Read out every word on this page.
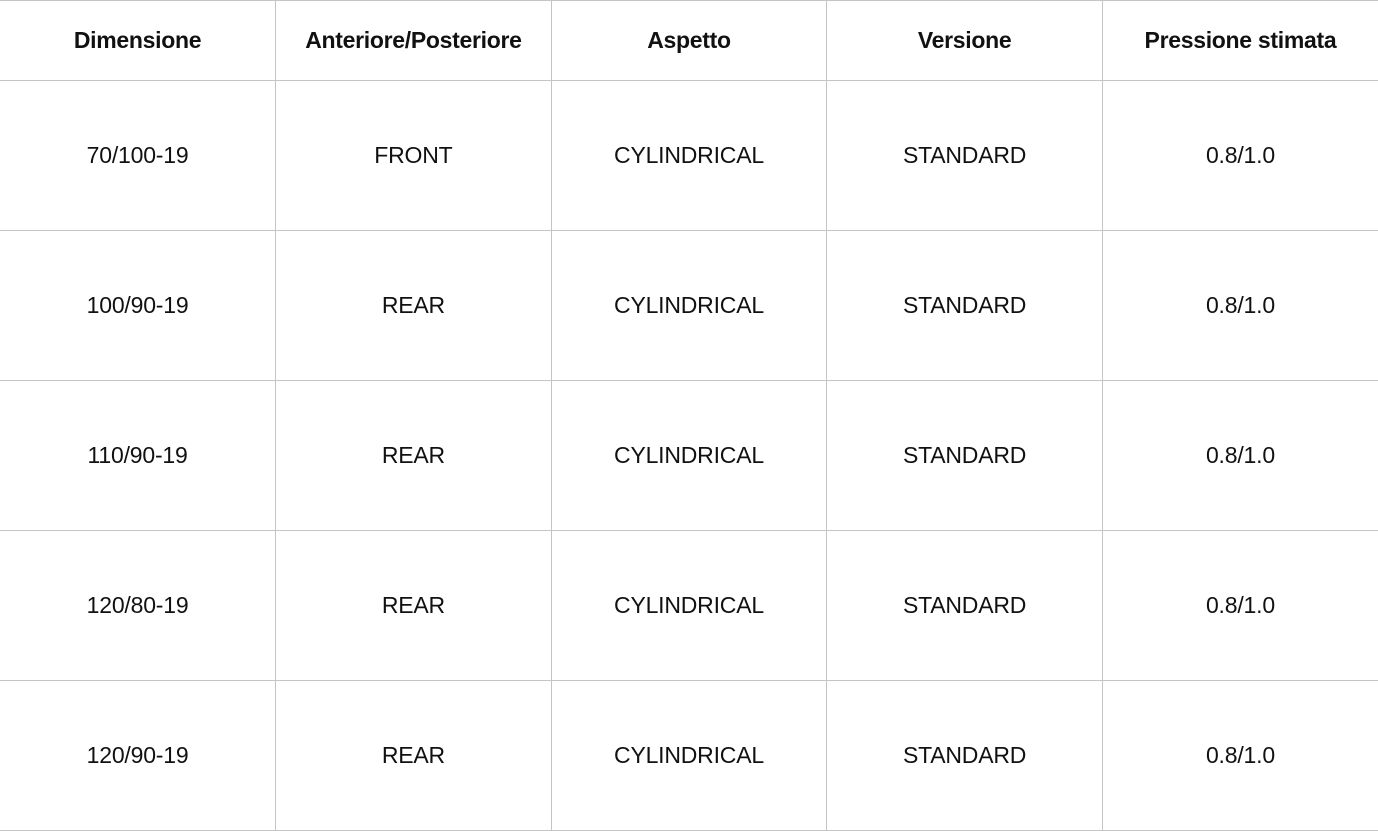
Dimensione	Anteriore/Posteriore	Aspetto	Versione	Pressione stimata
70/100-19	FRONT	CYLINDRICAL	STANDARD	0.8/1.0
100/90-19	REAR	CYLINDRICAL	STANDARD	0.8/1.0
110/90-19	REAR	CYLINDRICAL	STANDARD	0.8/1.0
120/80-19	REAR	CYLINDRICAL	STANDARD	0.8/1.0
120/90-19	REAR	CYLINDRICAL	STANDARD	0.8/1.0
